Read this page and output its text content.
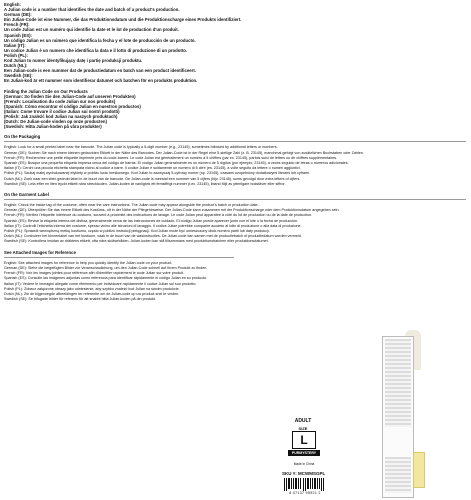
English:
A Julian code is a number that identifies the date and batch of a product's production.
German (DE):
Ein Julian-Code ist eine Nummer, die das Produktionsdatum und die Produktionscharge eines Produkts identifiziert.
French (FR):
Un code Julian est un numéro qui identifie la date et le lot de production d'un produit.
Spanish (ES):
Un código Julian es un número que identifica la fecha y el lote de producción de un producto.
Italian (IT):
Un codice Julian è un numero che identifica la data e il lotto di produzione di un prodotto.
Polish (PL):
Kod Julian to numer identyfikujący datę i partię produkcji produktu.
Dutch (NL):
Een Julian-code is een nummer dat de productiedatum en batch van een product identificeert.
Swedish (SE):
En Julian-kod är ett nummer som identifierar datumet och batchen för en produkts produktion.
Finding the Julian Code on Our Products
(German: So finden Sie den Julian-Code auf unseren Produkten)
(French: Localisation du code Julian sur nos produits)
(Spanish: Cómo encontrar el código Julian en nuestros productos)
(Italian: Come trovare il codice Julian sui nostri prodotti)
(Polish: Jak znaleźć kod Julian na naszych produktach)
(Dutch: De Julian-code vinden op onze producten)
(Swedish: Hitta Julian-koden på våra produkter)
On the Packaging
English: Look for a small printed label near the barcode. The Julian code is typically a 5-digit number (e.g., 23145), sometimes followed by additional letters or numbers.
German (DE): Suchen Sie nach einem kleinen gedruckten Etikett in der Nähe des Barcodes. Der Julian-Code ist in der Regel eine 5-stellige Zahl (z. B. 23145), manchmal gefolgt von zusätzlichen Buchstaben oder Zahlen.
French (FR): Recherchez une petite étiquette imprimée près du code-barres. Le code Julian est généralement un numéro à 5 chiffres (par ex. 23145), parfois suivi de lettres ou de chiffres supplémentaires.
Spanish (ES): Busque una pequeña etiqueta impresa cerca del código de barras. El código Julian generalmente es un número de 5 dígitos (por ejemplo, 23145), a veces seguido de letras o números adicionales.
Italian (IT): Cerchi una piccola etichetta stampata vicino al codice a barre. Il codice Julian è solitamente un numero di 5 cifre (es. 23145), a volte seguito da lettere o numeri aggiuntivi.
Polish (PL): Szukaj małej wydrukowanej etykiety w pobliżu kodu kreskowego. Kod Julian to zazwyczaj 5-cyfrowy numer (np. 23145), czasami uzupełniony dodatkowymi literami lub cyframi.
Dutch (NL): Zoek naar een klein gedrukt label in de buurt van de barcode. De Julian-code is meestal een nummer van 5 cijfers (bijv. 23145), soms gevolgd door extra letters of cijfers.
Swedish (SE): Leta efter en liten tryckt etikett nära streckkoden. Julian-koden är vanligtvis ett femsiffrigt nummer (t.ex. 23145), ibland följt av ytterligare bokstäver eller siffror.
On the Garment Label
English: Check the inside tag of the costume, often near the care instructions. The Julian code may appear alongside the product's batch or production date.
German (DE): Überprüfen Sie das innere Etikett des Kostüms, oft in der Nähe der Pflegehinweise. Der Julian-Code kann zusammen mit der Produktionscharge oder dem Produktionsdatum angegeben sein.
French (FR): Vérifiez l'étiquette intérieure du costume, souvent à proximité des instructions de lavage. Le code Julian peut apparaître à côté du lot de production ou de la date de production.
Spanish (ES): Revise la etiqueta interna del disfraz, generalmente cerca de las instrucciones de cuidado. El código Julian puede aparecer junto con el lote o la fecha de producción.
Italian (IT): Controlli l'etichetta interna del costume, spesso vicino alle istruzioni di lavaggio. Il codice Julian potrebbe comparire accanto al lotto di produzione o alla data di produzione.
Polish (PL): Sprawdź wewnętrzną metkę kostiumu, często w pobliżu instrukcji pielęgnacji. Kod Julian może być umieszczony obok numeru partii lub daty produkcji.
Dutch (NL): Controleer het binnenlabel van het kostuum, vaak in de buurt van de wasinstructies. De Julian-code kan samen met de productiebatch of productiedatum worden vermeld.
Swedish (SE): Kontrollera insidan av dräktens etikett, ofta nära skötselråden. Julian-koden kan stå tillsammans med produktionsbatchen eller produktionsdatumet.
See Attached Images for Reference
English: See attached images for reference to help you quickly identify the Julian code on your product.
German (DE): Siehe die beigefügten Bilder zur Veranschaulichung, um den Julian-Code schnell auf Ihrem Produkt zu finden.
French (FR): Voir les images jointes pour référence afin d'identifier rapidement le code Julian sur votre produit.
Spanish (ES): Consulte las imágenes adjuntas como referencia para identificar rápidamente el código Julian en su producto.
Italian (IT): Vedere le immagini allegate come riferimento per individuare rapidamente il codice Julian sul suo prodotto.
Polish (PL): Zobacz załączone obrazy jako odniesienie, aby szybko znaleźć kod Julian na swoim produkcie.
Dutch (NL): Zie de bijgevoegde afbeeldingen ter referentie om de Julian-code op uw product snel te vinden.
Swedish (SE): Se bifogade bilder för referens för att snabbt hitta Julian-koden på din produkt.
ADULT
SIZE
L
PURMYSTERY
Made in China
SKU #: MCWMSGPL
8 07137 99921 2
